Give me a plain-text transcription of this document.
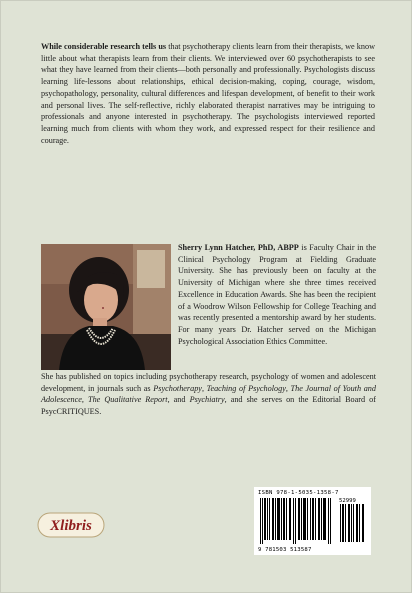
While considerable research tells us that psychotherapy clients learn from their therapists, we know little about what therapists learn from their clients. We interviewed over 60 psychotherapists to see what they have learned from their clients—both personally and professionally. Psychologists discuss learning life-lessons about relationships, ethical decision-making, coping, courage, wisdom, psychopathology, personality, cultural differences and lifespan development, of benefit to their work and personal lives. The self-reflective, richly elaborated therapist narratives may be intriguing to professionals and anyone interested in psychotherapy. The psychologists interviewed reported learning much from clients with whom they work, and expressed respect for their resilience and courage.

Sherry Lynn Hatcher, PhD, ABPP is Faculty Chair in the Clinical Psychology Program at Fielding Graduate University. She has previously been on faculty at the University of Michigan where she three times received Excellence in Education Awards. She has been the recipient of a Woodrow Wilson Fellowship for College Teaching and was recently presented a mentorship award by her students. For many years Dr. Hatcher served on the Michigan Psychological Association Ethics Committee.

She has published on topics including psychotherapy research, psychology of women and adolescent development, in journals such as Psychotherapy, Teaching of Psychology, The Journal of Youth and Adolescence, The Qualitative Report, and Psychiatry, and she serves on the Editorial Board of PsycCRITIQUES.

Xlibris
ISBN 978-1-5035-1358-7
52999
9 781503 513587
